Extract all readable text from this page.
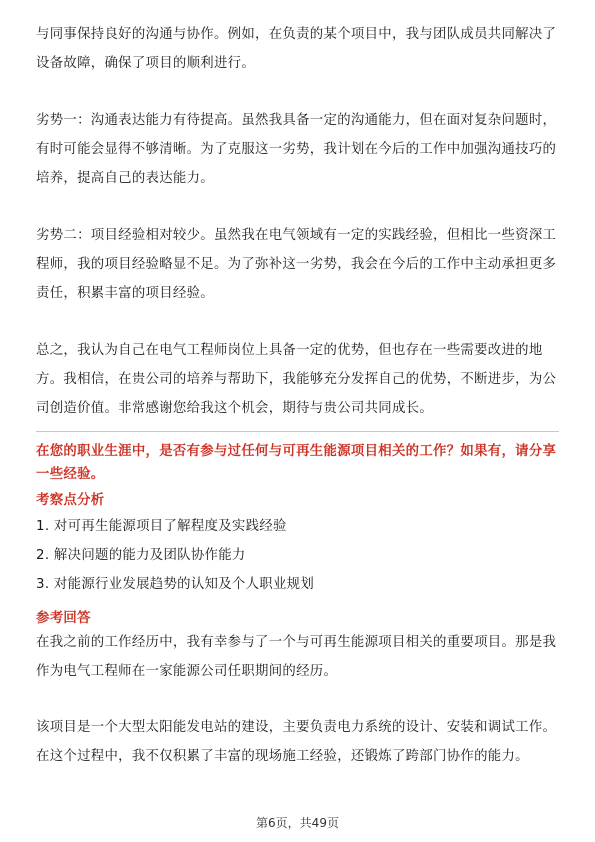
与同事保持良好的沟通与协作。例如，在负责的某个项目中，我与团队成员共同解决了设备故障，确保了项目的顺利进行。

劣势一：沟通表达能力有待提高。虽然我具备一定的沟通能力，但在面对复杂问题时，有时可能会显得不够清晰。为了克服这一劣势，我计划在今后的工作中加强沟通技巧的培养，提高自己的表达能力。

劣势二：项目经验相对较少。虽然我在电气领域有一定的实践经验，但相比一些资深工程师，我的项目经验略显不足。为了弥补这一劣势，我会在今后的工作中主动承担更多责任，积累丰富的项目经验。

总之，我认为自己在电气工程师岗位上具备一定的优势，但也存在一些需要改进的地方。我相信，在贵公司的培养与帮助下，我能够充分发挥自己的优势，不断进步，为公司创造价值。非常感谢您给我这个机会，期待与贵公司共同成长。

在您的职业生涯中，是否有参与过任何与可再生能源项目相关的工作？如果有，请分享一些经验。

考察点分析
1. 对可再生能源项目了解程度及实践经验
2. 解决问题的能力及团队协作能力
3. 对能源行业发展趋势的认知及个人职业规划
参考回答

在我之前的工作经历中，我有幸参与了一个与可再生能源项目相关的重要项目。那是我作为电气工程师在一家能源公司任职期间的经历。

该项目是一个大型太阳能发电站的建设，主要负责电力系统的设计、安装和调试工作。在这个过程中，我不仅积累了丰富的现场施工经验，还锻炼了跨部门协作的能力。

第6页，共49页
